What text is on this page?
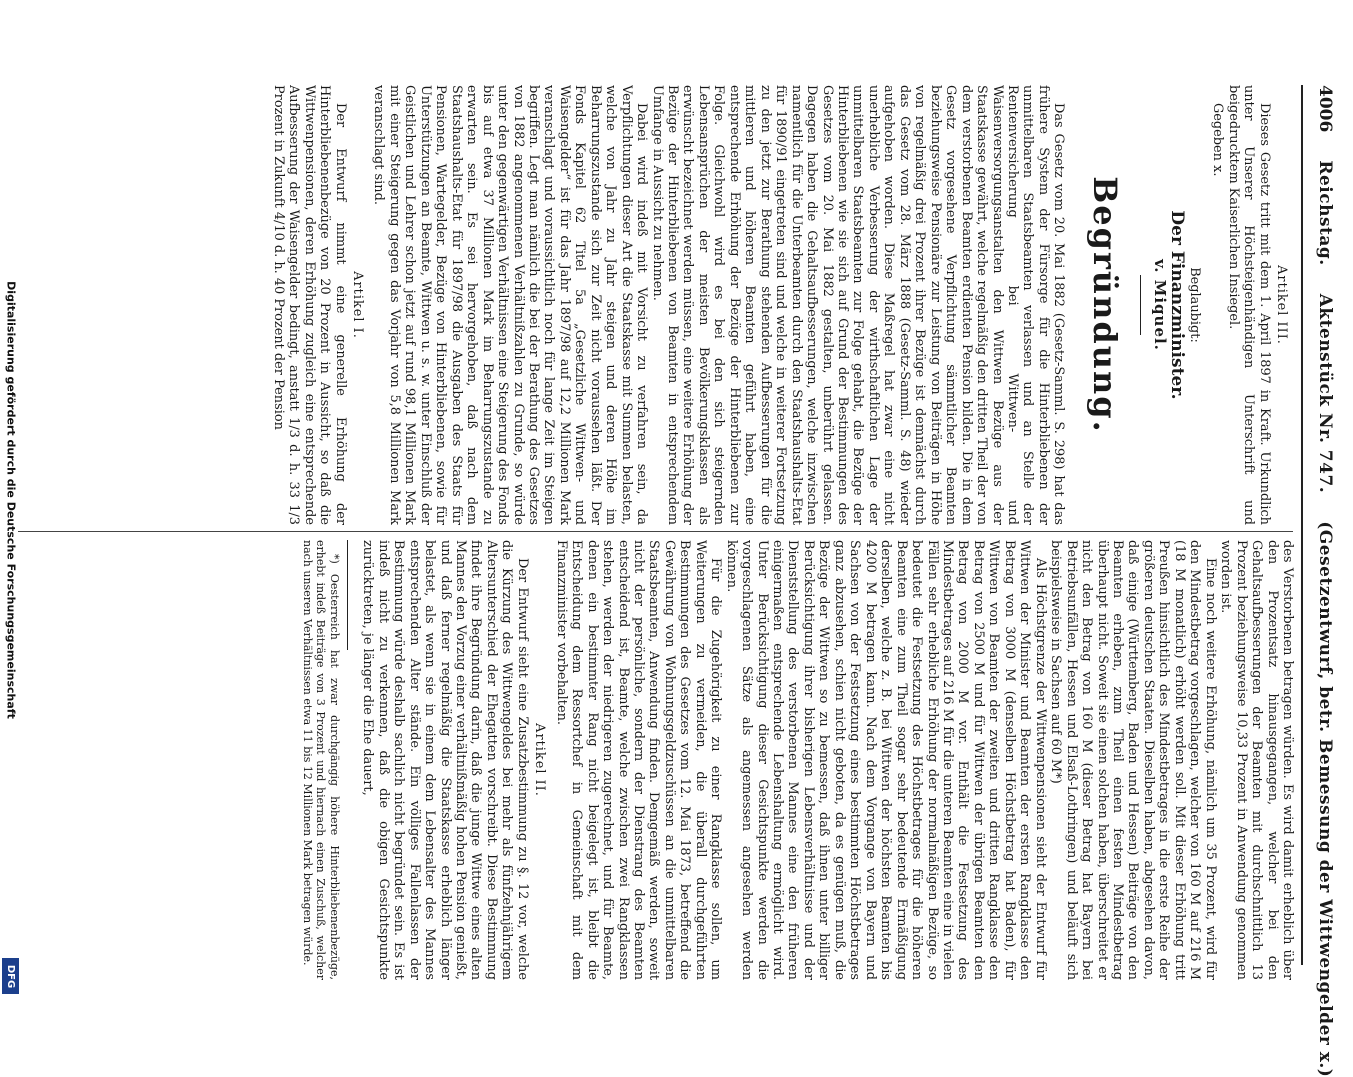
Digitalisierung gefördert durch die Deutsche Forschungsgemeinschaft
DFG
4006
Reichstag.
Aktenstück Nr. 747.
(Gesetzentwurf, betr. Bemessung der Wittwengelder x.)

Artikel III.

Dieses Gesetz tritt mit dem 1. April 1897 in Kraft. Urkundlich unter Unserer Höchsteigenhändigen Unterschrift und beigedrucktem Kaiserlichen Insiegel.

Gegeben x.

Beglaubigt:

Der Finanzminister.

v. Miquel.

Begründung.

Das Gesetz vom 20. Mai 1882 (Gesetz-Samml. S. 298) hat das frühere System der Fürsorge für die Hinterbliebenen der unmittelbaren Staatsbeamten verlassen und an Stelle der Rentenversicherung bei Wittwen- und Waisenversorgungsanstalten den Wittwen Bezüge aus der Staatskasse gewährt, welche regelmäßig den dritten Theil der von dem verstorbenen Beamten erdienten Pension bilden. Die in dem Gesetz vorgesehene Verpflichtung sämmtlicher Beamten beziehungsweise Pensionäre zur Leistung von Beiträgen in Höhe von regelmäßig drei Prozent ihrer Bezüge ist demnächst durch das Gesetz vom 28. März 1888 (Gesetz-Samml. S. 48) wieder aufgehoben worden. Diese Maßregel hat zwar eine nicht unerhebliche Verbesserung der wirthschaftlichen Lage der unmittelbaren Staatsbeamten zur Folge gehabt, die Bezüge der Hinterbliebenen wie sie sich auf Grund der Bestimmungen des Gesetzes vom 20. Mai 1882 gestalten, unberührt gelassen. Dagegen haben die Gehaltsaufbesserungen, welche inzwischen namentlich für die Unterbeamten durch den Staatshaushalts-Etat für 1890/91 eingetreten sind und welche in weiterer Fortsetzung zu den jetzt zur Berathung stehenden Aufbesserungen für die mittleren und höheren Beamten geführt haben, eine entsprechende Erhöhung der Bezüge der Hinterbliebenen zur Folge. Gleichwohl wird es bei den sich steigernden Lebensansprüchen der meisten Bevölkerungsklassen als erwünscht bezeichnet werden müssen, eine weitere Erhöhung der Bezüge der Hinterbliebenen von Beamten in entsprechendem Umfange in Aussicht zu nehmen.

Dabei wird indeß mit Vorsicht zu verfahren sein, da Verpflichtungen dieser Art die Staatskasse mit Summen belasten, welche von Jahr zu Jahr steigen und deren Höhe im Beharrungszustande sich zur Zeit nicht voraussehen läßt. Der Fonds Kapitel 62 Titel 5a „Gesetzliche Wittwen- und Waisengelder“ ist für das Jahr 1897/98 auf 12,2 Millionen Mark veranschlagt und voraussichtlich noch für lange Zeit im Steigen begriffen. Legt man nämlich die bei der Berathung des Gesetzes von 1882 angenommenen Verhältnißzahlen zu Grunde, so würde unter den gegenwärtigen Verhältnissen eine Steigerung des Fonds bis auf etwa 37 Millionen Mark im Beharrungszustande zu erwarten sein. Es sei hervorgehoben, daß nach dem Staatshaushalts-Etat für 1897/98 die Ausgaben des Staats für Pensionen, Wartegelder, Bezüge von Hinterbliebenen, sowie für Unterstützungen an Beamte, Wittwen u. s. w. unter Einschluß der Geistlichen und Lehrer schon jetzt auf rund 98,1 Millionen Mark mit einer Steigerung gegen das Vorjahr von 5,8 Millionen Mark veranschlagt sind.

Artikel I.

Der Entwurf nimmt eine generelle Erhöhung der Hinterbliebenenbezüge von 20 Prozent in Aussicht, so daß die Wittwenpensionen, deren Erhöhung zugleich eine entsprechende Aufbesserung der Waisengelder bedingt, anstatt 1/3 d. h. 33 1/3 Prozent in Zukunft 4/10 d. h. 40 Prozent der Pension

des Verstorbenen betragen würden. Es wird damit erheblich über den Prozentsatz hinausgegangen, welcher bei den Gehaltsaufbesserungen der Beamten mit durchschnittlich 13 Prozent beziehungsweise 10,33 Prozent in Anwendung genommen worden ist.

Eine noch weitere Erhöhung, nämlich um 35 Prozent, wird für den Mindestbetrag vorgeschlagen, welcher von 160 M auf 216 M (18 M monatlich) erhöht werden soll. Mit dieser Erhöhung tritt Preußen hinsichtlich des Mindestbetrages in die erste Reihe der größeren deutschen Staaten. Dieselben haben, abgesehen davon, daß einige (Württemberg, Baden und Hessen) Beiträge von den Beamten erheben, zum Theil einen festen Mindestbetrag überhaupt nicht. Soweit sie einen solchen haben, überschreitet er nicht den Betrag von 160 M (dieser Betrag hat Bayern bei Betriebsunfällen, Hessen und Elsaß-Lothringen) und beläuft sich beispielsweise in Sachsen auf 60 M*)

Als Höchstgrenze der Wittwenpensionen sieht der Entwurf für Wittwen der Minister und Beamten der ersten Rangklasse den Betrag von 3000 M (denselben Höchstbetrag hat Baden), für Wittwen von Beamten der zweiten und dritten Rangklasse den Betrag von 2500 M und für Wittwen der übrigen Beamten den Betrag von 2000 M vor. Enthält die Festsetzung des Mindestbetrages auf 216 M für die unteren Beamten eine in vielen Fällen sehr erhebliche Erhöhung der normalmäßigen Bezüge, so bedeutet die Festsetzung des Höchstbetrages für die höheren Beamten eine zum Theil sogar sehr bedeutende Ermäßigung derselben, welche z. B. bei Wittwen der höchsten Beamten bis 4200 M betragen kann. Nach dem Vorgange von Bayern und Sachsen von der Festsetzung eines bestimmten Höchstbetrages ganz abzusehen, schien nicht geboten, da es genügen muß, die Bezüge der Wittwen so zu bemessen, daß ihnen unter billiger Berücksichtigung ihrer bisherigen Lebensverhältnisse und der Dienststellung des verstorbenen Mannes eine den früheren einigermaßen entsprechende Lebenshaltung ermöglicht wird. Unter Berücksichtigung dieser Gesichtspunkte werden die vorgeschlagenen Sätze als angemessen angesehen werden können.

Für die Zugehörigkeit zu einer Rangklasse sollen, um Weiterungen zu vermeiden, die überall durchgeführten Bestimmungen des Gesetzes vom 12. Mai 1873, betreffend die Gewährung von Wohnungsgeldzuschüssen an die unmittelbaren Staatsbeamten, Anwendung finden. Demgemäß werden, soweit nicht der persönliche, sondern der Dienstrang des Beamten entscheidend ist, Beamte, welche zwischen zwei Rangklassen stehen, werden der niedrigeren zugerechnet, und für Beamte, denen ein bestimmter Rang nicht beigelegt ist, bleibt die Entscheidung dem Ressortchef in Gemeinschaft mit dem Finanzminister vorbehalten.

Artikel II.

Der Entwurf sieht eine Zusatzbestimmung zu §. 12 vor, welche die Kürzung des Wittwengeldes bei mehr als fünfzehnjährigem Altersunterschied der Ehegatten vorschreibt. Diese Bestimmung findet ihre Begründung darin, daß die junge Wittwe eines alten Mannes den Vorzug einer verhältnißmäßig hohen Pension genießt, und daß ferner regelmäßig die Staatskasse erheblich länger belastet, als wenn sie in einem dem Lebensalter des Mannes entsprechenden Alter stände. Ein völliges Fallenlassen der Bestimmung würde deshalb sachlich nicht begründet sein. Es ist indeß nicht zu verkennen, daß die obigen Gesichtspunkte zurücktreten, je länger die Ehe dauert,

*) Oesterreich hat zwar durchgängig höhere Hinterbliebenenbezüge, erhebt indeß Beiträge von 3 Prozent und hiernach einen Zuschuß, welcher nach unseren Verhältnissen etwa 11 bis 12 Millionen Mark betragen würde.
